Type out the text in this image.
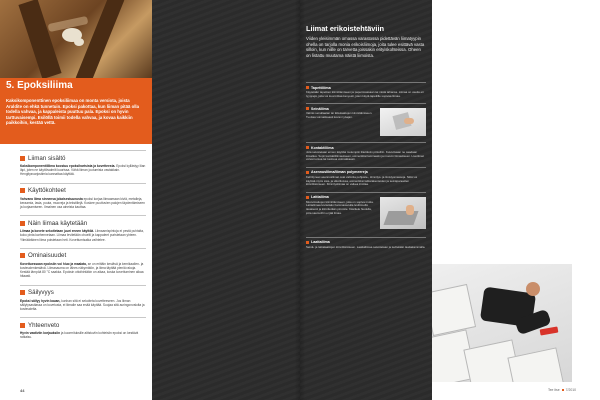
5. Epoksiliima

Kaksikomponenttinen epoksiliimaa on monta versiota, joista Araldite on ehkä tunnetuin. Epoksi pakottaa, kun liiman pitää olla todella vahvaa, ja kappaleista puuttuu pala. Epoksi on hyvin tarttuvaisempi. Esilöllä toimii todella vahvaa, ja kovaa kaikkiin paikkoihin, kestää vettä.

Liiman sisältö
Kaksikomponenttiliima koostuu epoksihartsista ja kovetteesta. Epoksi kyllästyy liian läpi, joten ne käyttövalmiit kuorissa. Vähä liiman joutumista vastakkain. Hengitysvarjostimia kannattaa käyttää.
Käyttökohteet
Vahvana liima sinnensa jokaisestuunusta epoksi korjaa liimaamaan kiviä, metalleja, keraamia, lasia, puuta, muoveja ja tekstiilejä. Koskee puuttuvien palojen täydentämiseen ja korjaamiseen. Ilmainen osa aineista kauttaa.
Näin liimaa käytetään
Liimaa ja kovete sekoitetaan juuri ennen käyttöä. Liimaamispintoja ei pestä puhtaita, koko pinta karhennetaan. Liimaa levitetään ohuelti ja kappaleet puristetaan yhteen. Ylimääräinen liima poistetaan heti. Kovettumisaika vaihtelee.
Ominaisuudet
Kovettuessaan epoksiin voi hiuo ja maalata, se on erittäin kestävä ja kemikaalien- ja kosteudenkestävä. Liimasauma on lähes näkymätön, ja liima täyttää pieniä rakoja. Kestää lämpöä 80 °C saakka. Epoksin ottoihintäkin on aikaa, koska kovettuminen alkaa hitaasti.
Säilyvyys
Epoksi säilyy hyvin kauan, kunhan sitä ei sekoiteta kovetteeseen. Jos liiman säilytysastiassa on kovetusta, ei liimalle saa enää käyttää. Suojaa sitä auringonvalolta ja kosteudelta.
Yhteenveto
Hyvin vaativiin korjauksiin ja kuormituksille altistuviin kohteisiin epoksi on kestävä ratkaisu.
44
Liimat erikoistehtäviin

Viiden yleisimmän omassa varastossa pidettävän liimatyypin ohella on tarjolla monia erikoisliimoja, joita tulee esittävä vasta silloin, kun niille on tarvetta joissakin erityiskohteissa. Oheen on listattu muutama näistä liimoista.

Tapettiliima
Käytetään tapettien kiinnittämiseen ja paperimassaan tai mistä tahansa. Liimaa on useita eri tyyppejä, joita voi kuormittaa kevyesti, joten käytä tapetiille sopivaa liimaa.
Seinäliima
Valmis seinälaatan tai tikkulaattojen kiinnittämiseen. Tuottaa voimakkaasti kovan työajan.
Kontaktiliima
Jota sekoitetaan ennen käyttöä molempiin liitettäviin pintoihin. Kuivuttuaan ne saadaan liimattua. Sopii kontaktiliimaukseen, esimerkiksi laminaatin ja muovin liimaukseen. Liuottimet voivat tuntua tai tuoksua voimakkaasti.
Asennusliima/liiman polymeereja
Kehittyneet asennusliimat ovat valmiita pohjuste-, kiinnitys- ja tiivistysmassoja. Niitä voi käyttää myös sisä- ja ulkotiloissa, esimerkiksi lattiarakenteiden ja seinäpaneelien kiinnittämiseen. Kiinnitysliimaa on vaikea irrottaa.
Lattialiima
Muovimattojen kiinnittämiseen, joka on sopiva mutta. Lattialiimaa levitetään hammastetulla levittimellä tasaisesti ja kiinnitetään pinnoite. Käsittele huolella, jotta saumoihin ei jää ilmaa.
Laattaliima
Seinä- ja lattialaattojen kiinnittämiseen. Laattaliimaa sekoitetaan ja levitetään laattakammalla.
Tee itse 7/2010
